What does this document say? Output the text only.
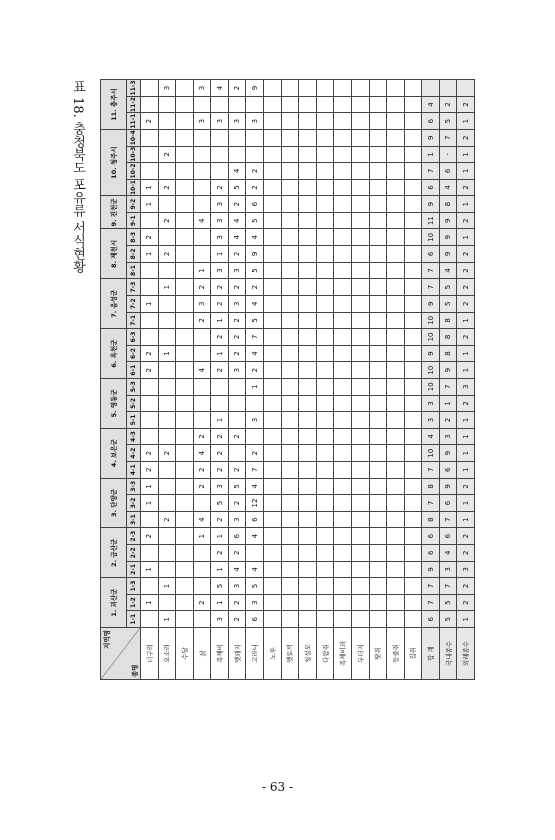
표 18. 충청북도 포유류 서식현황
지역명
종명	1. 괴산군			2. 금산군			3. 단양군			4. 보은군			5. 영동군			6. 옥천군			7. 음성군			8. 제천시			9. 진천군		10. 청주시				11. 충주시		
	1-1	1-2	1-3	2-1	2-2	2-3	3-1	3-2	3-3	4-1	4-2	4-3	5-1	5-2	5-3	6-1	6-2	6-3	7-1	7-2	7-3	8-1	8-2	8-3	9-1	9-2	10-1	10-2	10-3	10-4	11-1	11-2	11-3
너구리		1		1		2		1	1	2	2					2	2			1			1	2		1	1				2		
오소리	1		1				2				2						1				1		2		2		2		2				3
수달																																	
삵		2				1	4		2	2	4	2				4			2	3	2	1			4						3		3
족제비	3	1	5	1	2	1	2	5	3	2	2	2	1			2	1	2	1	2	2	3	1	3	3	3	2				3		4
멧돼지	2	2	3	4	2	6	3	2	5	2		2				3	2	2	2	3	2	3	2	4	4	2	5	4			3		2
고라니	6	3	5	4		4	6	12	4	7	2		3		1	2	4	7	5	4	2	5	9	4	5	6	2	2			3		9
노루																																	
멧토끼																																	
청설모																																	
다람쥐																																	
족제비과																																	
두더지																																	
땃쥐																																	
등줄쥐																																	
집쥐																																	
합 계	6	7	7	9	6	6	8	7	8	7	10	4	3	3	10	10	9	10	10	9	7	7	6	10	11	9	6	7	1	9	6	4	
국내종수	5	5	7	3	4	6	7	6	9	6	9	3	2	1	7	9	8	8	8	5	5	4	9	9	9	8	4	6	-	7	5	2	
외래종수	1	2	2	3	2	2	1	1	2	1	1	1	1	2	3	1	1	2	1	2	2	2	2	1	2	1	2	1	1	2	1	2	
- 63 -
